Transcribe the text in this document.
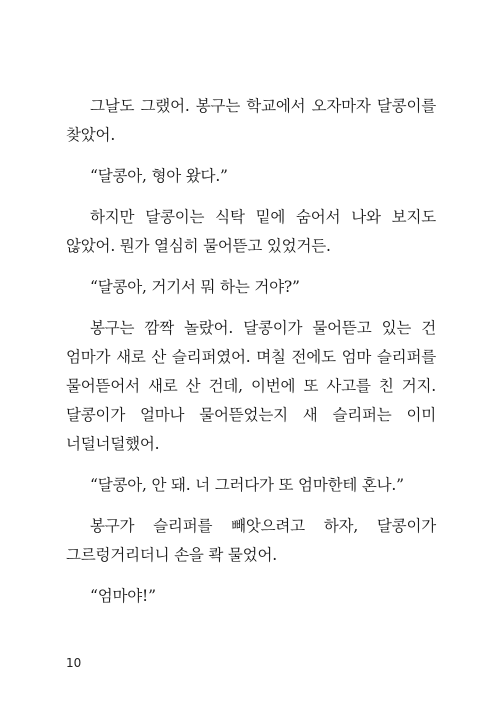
그날도 그랬어. 봉구는 학교에서 오자마자 달콩이를 찾았어.

“달콩아, 형아 왔다.”

하지만 달콩이는 식탁 밑에 숨어서 나와 보지도 않았어. 뭔가 열심히 물어뜯고 있었거든.

“달콩아, 거기서 뭐 하는 거야?”

봉구는 깜짝 놀랐어. 달콩이가 물어뜯고 있는 건 엄마가 새로 산 슬리퍼였어. 며칠 전에도 엄마 슬리퍼를 물어뜯어서 새로 산 건데, 이번에 또 사고를 친 거지. 달콩이가 얼마나 물어뜯었는지 새 슬리퍼는 이미 너덜너덜했어.

“달콩아, 안 돼. 너 그러다가 또 엄마한테 혼나.”

봉구가 슬리퍼를 빼앗으려고 하자, 달콩이가 그르렁거리더니 손을 콱 물었어.

“엄마야!”

10
